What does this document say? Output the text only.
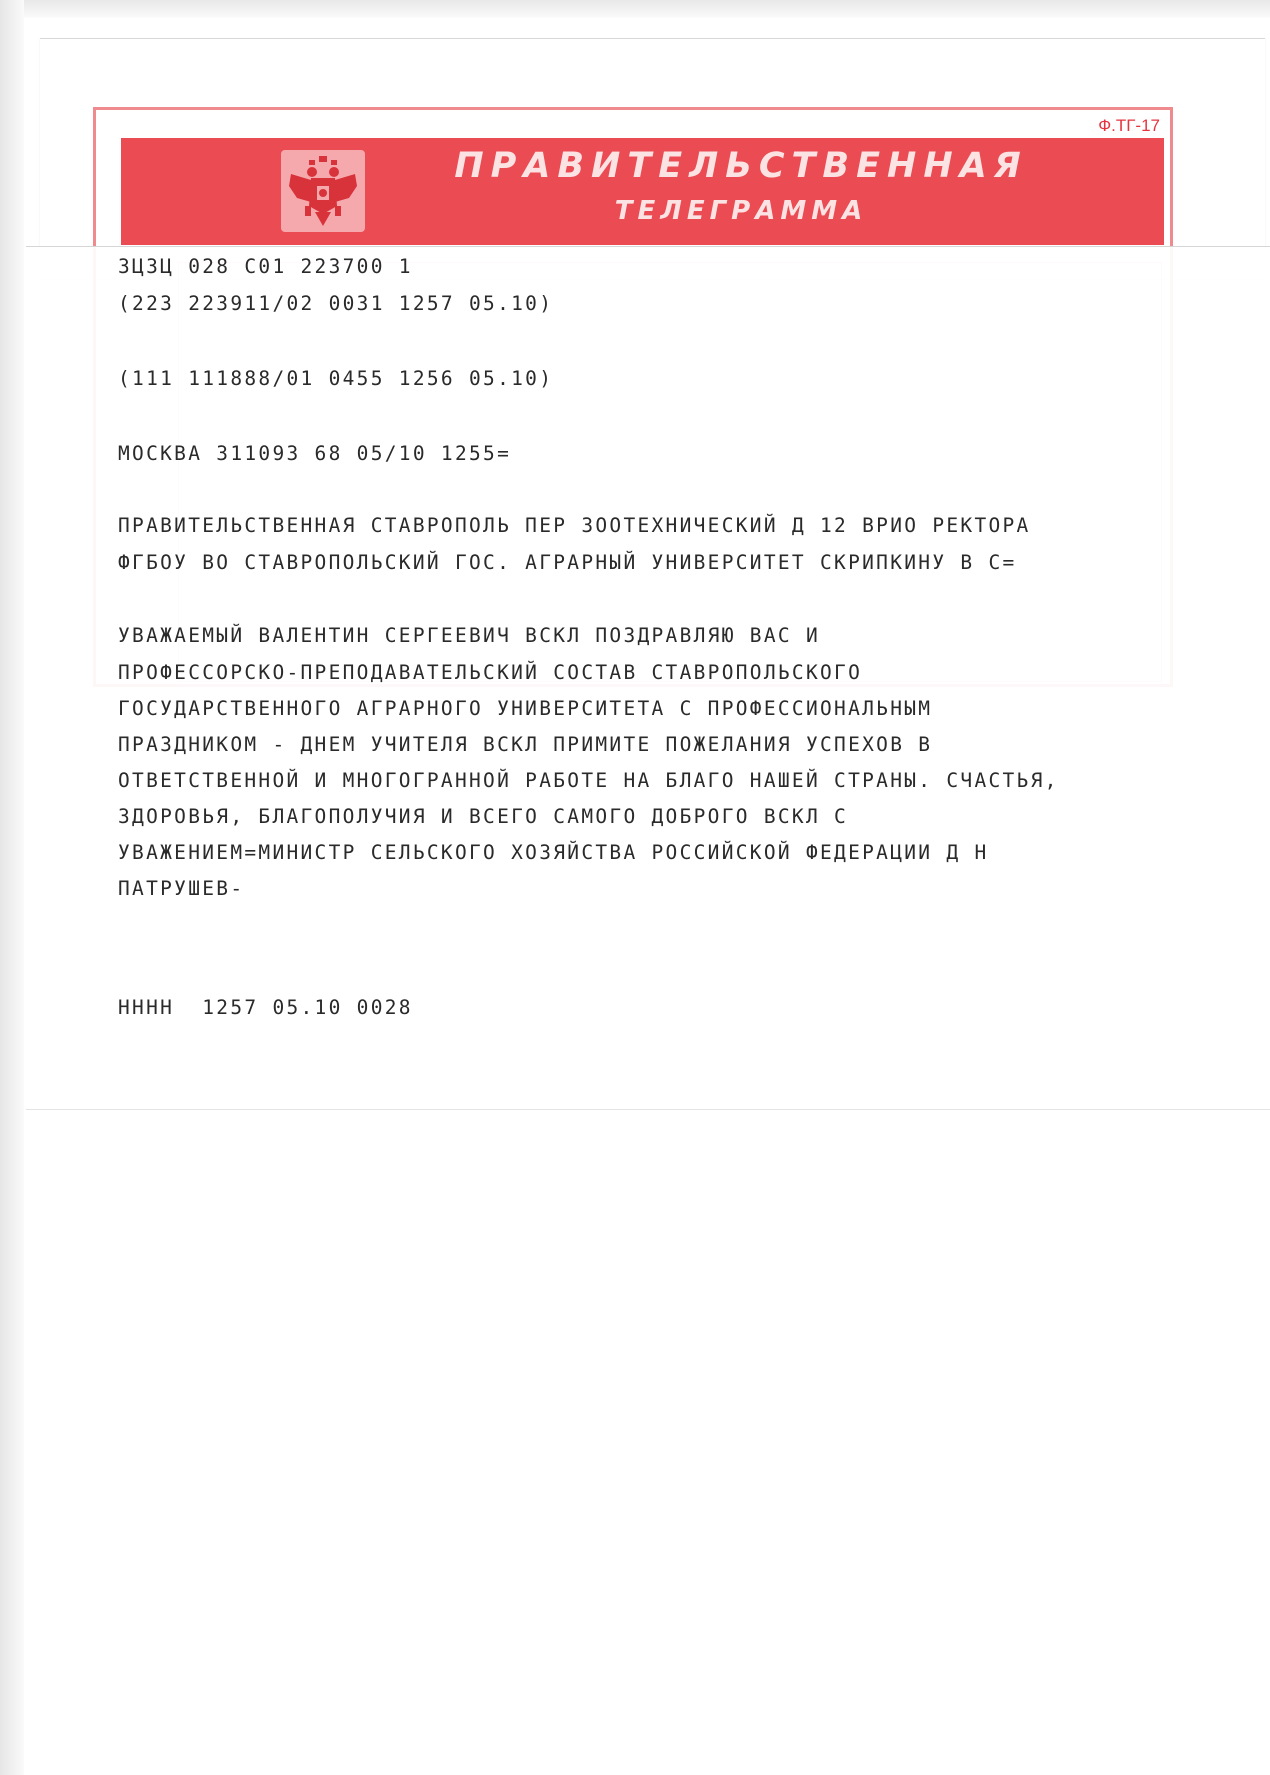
Ф.ТГ-17
ПРАВИТЕЛЬСТВЕННАЯ
ТЕЛЕГРАММА
3Ц3Ц 028 С01 223700 1
(223 223911/02 0031 1257 05.10)
(111 111888/01 0455 1256 05.10)
МОСКВА 311093 68 05/10 1255=
ПРАВИТЕЛЬСТВЕННАЯ СТАВРОПОЛЬ ПЕР ЗООТЕХНИЧЕСКИЙ Д 12 ВРИО РЕКТОРА
ФГБОУ ВО СТАВРОПОЛЬСКИЙ ГОС. АГРАРНЫЙ УНИВЕРСИТЕТ СКРИПКИНУ В С=
УВАЖАЕМЫЙ ВАЛЕНТИН СЕРГЕЕВИЧ ВСКЛ ПОЗДРАВЛЯЮ ВАС И
ПРОФЕССОРСКО-ПРЕПОДАВАТЕЛЬСКИЙ СОСТАВ СТАВРОПОЛЬСКОГО
ГОСУДАРСТВЕННОГО АГРАРНОГО УНИВЕРСИТЕТА С ПРОФЕССИОНАЛЬНЫМ
ПРАЗДНИКОМ - ДНЕМ УЧИТЕЛЯ ВСКЛ ПРИМИТЕ ПОЖЕЛАНИЯ УСПЕХОВ В
ОТВЕТСТВЕННОЙ И МНОГОГРАННОЙ РАБОТЕ НА БЛАГО НАШЕЙ СТРАНЫ. СЧАСТЬЯ,
ЗДОРОВЬЯ, БЛАГОПОЛУЧИЯ И ВСЕГО САМОГО ДОБРОГО ВСКЛ С
УВАЖЕНИЕМ=МИНИСТР СЕЛЬСКОГО ХОЗЯЙСТВА РОССИЙСКОЙ ФЕДЕРАЦИИ Д Н
ПАТРУШЕВ-
НННН  1257 05.10 0028
